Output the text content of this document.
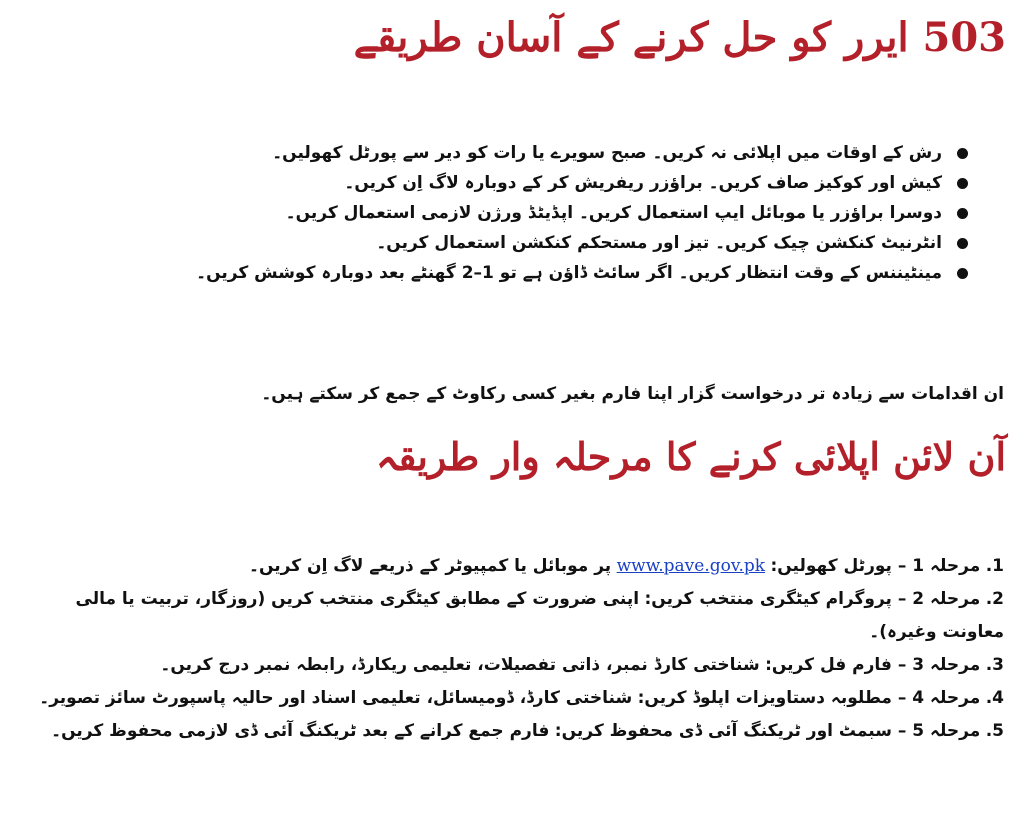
503 ایرر کو حل کرنے کے آسان طریقے
رش کے اوقات میں اپلائی نہ کریں۔ صبح سویرے یا رات کو دیر سے پورٹل کھولیں۔
کیش اور کوکیز صاف کریں۔ براؤزر ریفریش کر کے دوبارہ لاگ اِن کریں۔
دوسرا براؤزر یا موبائل ایپ استعمال کریں۔ اپڈیٹڈ ورژن لازمی استعمال کریں۔
انٹرنیٹ کنکشن چیک کریں۔ تیز اور مستحکم کنکشن استعمال کریں۔
مینٹیننس کے وقت انتظار کریں۔ اگر سائٹ ڈاؤن ہے تو 1–2 گھنٹے بعد دوبارہ کوشش کریں۔

ان اقدامات سے زیادہ تر درخواست گزار اپنا فارم بغیر کسی رکاوٹ کے جمع کر سکتے ہیں۔

آن لائن اپلائی کرنے کا مرحلہ وار طریقہ
1. مرحلہ 1 – پورٹل کھولیں: www.pave.gov.pk پر موبائل یا کمپیوٹر کے ذریعے لاگ اِن کریں۔
2. مرحلہ 2 – پروگرام کیٹگری منتخب کریں: اپنی ضرورت کے مطابق کیٹگری منتخب کریں (روزگار، تربیت یا مالی معاونت وغیرہ)۔
3. مرحلہ 3 – فارم فل کریں: شناختی کارڈ نمبر، ذاتی تفصیلات، تعلیمی ریکارڈ، رابطہ نمبر درج کریں۔
4. مرحلہ 4 – مطلوبہ دستاویزات اپلوڈ کریں: شناختی کارڈ، ڈومیسائل، تعلیمی اسناد اور حالیہ پاسپورٹ سائز تصویر۔
5. مرحلہ 5 – سبمٹ اور ٹریکنگ آئی ڈی محفوظ کریں: فارم جمع کرانے کے بعد ٹریکنگ آئی ڈی لازمی محفوظ کریں۔
